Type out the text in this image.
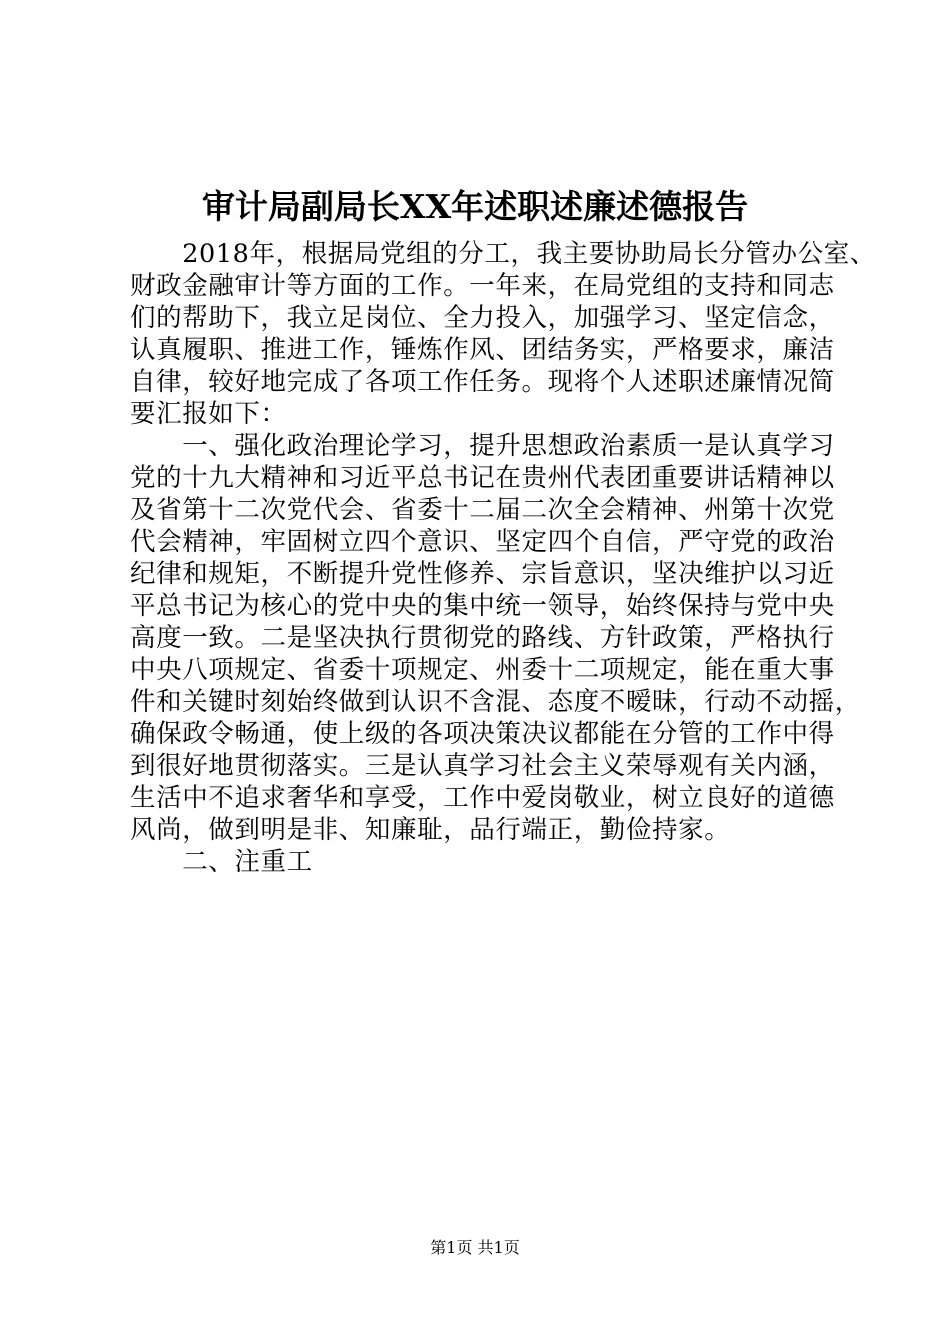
审计局副局长XX年述职述廉述德报告
　　2018年，根据局党组的分工，我主要协助局长分管办公室、
财政金融审计等方面的工作。一年来，在局党组的支持和同志
们的帮助下，我立足岗位、全力投入，加强学习、坚定信念，
认真履职、推进工作，锤炼作风、团结务实，严格要求，廉洁
自律，较好地完成了各项工作任务。现将个人述职述廉情况简
要汇报如下：
　　一、强化政治理论学习，提升思想政治素质一是认真学习
党的十九大精神和习近平总书记在贵州代表团重要讲话精神以
及省第十二次党代会、省委十二届二次全会精神、州第十次党
代会精神，牢固树立四个意识、坚定四个自信，严守党的政治
纪律和规矩，不断提升党性修养、宗旨意识，坚决维护以习近
平总书记为核心的党中央的集中统一领导，始终保持与党中央
高度一致。二是坚决执行贯彻党的路线、方针政策，严格执行
中央八项规定、省委十项规定、州委十二项规定，能在重大事
件和关键时刻始终做到认识不含混、态度不暧昧，行动不动摇，
确保政令畅通，使上级的各项决策决议都能在分管的工作中得
到很好地贯彻落实。三是认真学习社会主义荣辱观有关内涵，
生活中不追求奢华和享受，工作中爱岗敬业，树立良好的道德
风尚，做到明是非、知廉耻，品行端正，勤俭持家。
　　二、注重工
第1页 共1页
